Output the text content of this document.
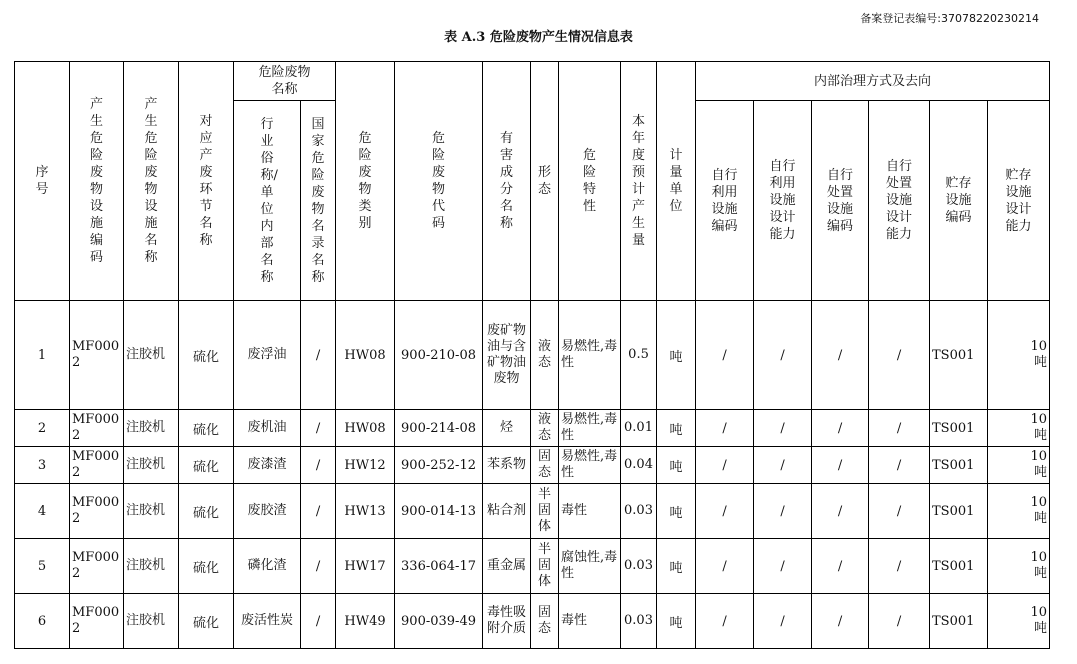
备案登记表编号:37078220230214
表 A.3 危险废物产生情况信息表
序号	产生危险废物设施编码	产生危险废物设施名称	对应产废环节名称	危险废物名称		危险废物类别	危险废物代码	有害成分名称	形态	危险特性	本年度预计产生量	计量单位	内部治理方式及去向					
				行业俗称/单位内部名称	国家危险废物名录名称								自行利用设施编码	自行利用设施设计能力	自行处置设施编码	自行处置设施设计能力	贮存设施编码	贮存设施设计能力
1	MF0002	注胶机	硫化	废浮油	/	HW08	900-210-08	废矿物油与含矿物油废物	液态	易燃性,毒性	0.5	吨	/	/	/	/	TS001	10吨
2	MF0002	注胶机	硫化	废机油	/	HW08	900-214-08	烃	液态	易燃性,毒性	0.01	吨	/	/	/	/	TS001	10吨
3	MF0002	注胶机	硫化	废漆渣	/	HW12	900-252-12	苯系物	固态	易燃性,毒性	0.04	吨	/	/	/	/	TS001	10吨
4	MF0002	注胶机	硫化	废胶渣	/	HW13	900-014-13	粘合剂	半固体	毒性	0.03	吨	/	/	/	/	TS001	10吨
5	MF0002	注胶机	硫化	磷化渣	/	HW17	336-064-17	重金属	半固体	腐蚀性,毒性	0.03	吨	/	/	/	/	TS001	10吨
6	MF0002	注胶机	硫化	废活性炭	/	HW49	900-039-49	毒性吸附介质	固态	毒性	0.03	吨	/	/	/	/	TS001	10吨
